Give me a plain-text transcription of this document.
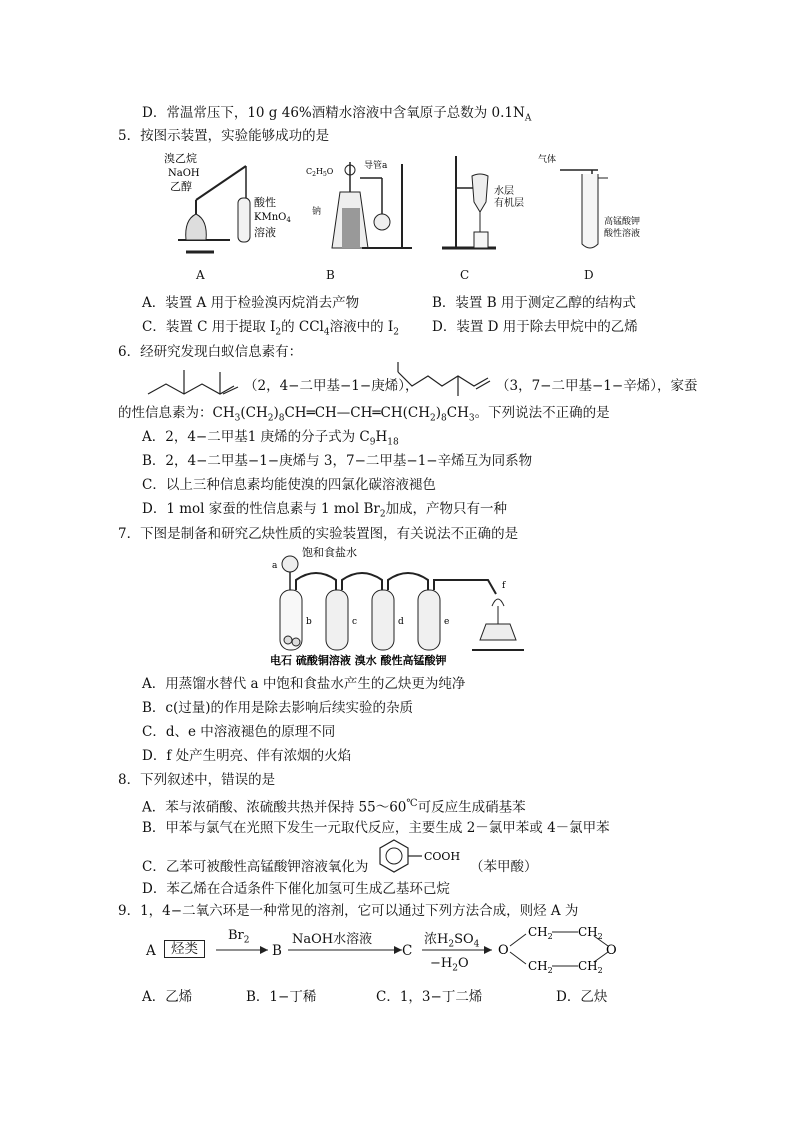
D．常温常压下，10 g 46%酒精水溶液中含氧原子总数为 $0.1N_A$
5．按图示装置，实验能够成功的是
溴乙烷
NaOH
乙醇
酸性
KMnO$_4$
溶液
$C_2H_5O$
导管a
钠
水层
有机层
气体
高锰酸钾
酸性溶液
A	B	C	D
A．装置 A 用于检验溴丙烷消去产物	B．装置 B 用于测定乙醇的结构式
C．装置 C 用于提取 $I_2$的 CCl$_4$溶液中的 $I_2$ D．装置 D 用于除去甲烷中的乙烯
6．经研究发现白蚁信息素有：
（2，4−二甲基−1−庚烯），	（3，7−二甲基−1−辛烯），家蚕
的性信息素为：$CH_3(CH_2)_8CH═CH—CH═CH(CH_2)_8CH_3$。下列说法不正确的是
A．2，4−二甲基1 庚烯的分子式为 $C_9H_{18}$
B．2，4−二甲基−1−庚烯与 3，7−二甲基−1−辛烯互为同系物
C．以上三种信息素均能使溴的四氯化碳溶液褪色
D．1 mol 家蚕的性信息素与 1 mol $Br_2$加成，产物只有一种
7．下图是制备和研究乙炔性质的实验装置图，有关说法不正确的是
饱和食盐水
a
b	c	d	e
f
电石 硫酸铜溶液 溴水 酸性高锰酸钾
A．用蒸馏水替代 a 中饱和食盐水产生的乙炔更为纯净
B．c(过量)的作用是除去影响后续实验的杂质
C．d、e 中溶液褪色的原理不同
D．f 处产生明亮、伴有浓烟的火焰
8．下列叙述中，错误的是
A．苯与浓硝酸、浓硫酸共热并保持 55～60℃可反应生成硝基苯
B．甲苯与氯气在光照下发生一元取代反应，主要生成 2－氯甲苯或 4－氯甲苯
C．乙苯可被酸性高锰酸钾溶液氧化为
COOH
（苯甲酸）
D．苯乙烯在合适条件下催化加氢可生成乙基环己烷
9．1，4−二氧六环是一种常见的溶剂，它可以通过下列方法合成，则烃 A 为
A	烃类
$Br_2$
B
NaOH水溶液
C
浓$H_2SO_4$
$-H_2O$
O	O
$CH_2$ $CH_2$
$CH_2$ $CH_2$
A．乙烯	B．1−丁稀	C．1，3−丁二烯	D．乙炔
